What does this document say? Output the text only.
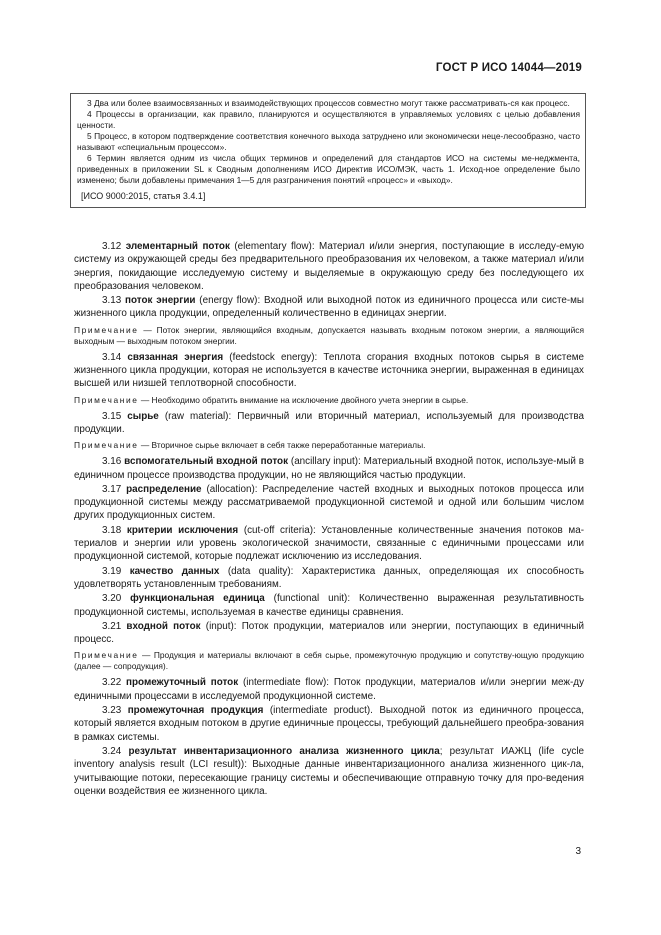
ГОСТ Р ИСО 14044—2019

3 Два или более взаимосвязанных и взаимодействующих процессов совместно могут также рассматривать-ся как процесс.

4 Процессы в организации, как правило, планируются и осуществляются в управляемых условиях с целью добавления ценности.

5 Процесс, в котором подтверждение соответствия конечного выхода затруднено или экономически неце-лесообразно, часто называют «специальным процессом».

6 Термин является одним из числа общих терминов и определений для стандартов ИСО на системы ме-неджмента, приведенных в приложении SL к Сводным дополнениям ИСО Директив ИСО/МЭК, часть 1. Исход-ное определение было изменено; были добавлены примечания 1—5 для разграничения понятий «процесс» и «выход».

[ИСО 9000:2015, статья 3.4.1]

3.12 элементарный поток (elementary flow): Материал и/или энергия, поступающие в исследу-емую систему из окружающей среды без предварительного преобразования их человеком, а также материал и/или энергия, покидающие исследуемую систему и выделяемые в окружающую среду без последующего их преобразования человеком.

3.13 поток энергии (energy flow): Входной или выходной поток из единичного процесса или систе-мы жизненного цикла продукции, определенный количественно в единицах энергии.

Примечание — Поток энергии, являющийся входным, допускается называть входным потоком энергии, а являющийся выходным — выходным потоком энергии.

3.14 связанная энергия (feedstock energy): Теплота сгорания входных потоков сырья в системе жизненного цикла продукции, которая не используется в качестве источника энергии, выраженная в единицах высшей или низшей теплотворной способности.

Примечание — Необходимо обратить внимание на исключение двойного учета энергии в сырье.

3.15 сырье (raw material): Первичный или вторичный материал, используемый для производства продукции.

Примечание — Вторичное сырье включает в себя также переработанные материалы.

3.16 вспомогательный входной поток (ancillary input): Материальный входной поток, используе-мый в единичном процессе производства продукции, но не являющийся частью продукции.

3.17 распределение (allocation): Распределение частей входных и выходных потоков процесса или продукционной системы между рассматриваемой продукционной системой и одной или большим числом других продукционных систем.

3.18 критерии исключения (cut-off criteria): Установленные количественные значения потоков ма-териалов и энергии или уровень экологической значимости, связанные с единичными процессами или продукционной системой, которые подлежат исключению из исследования.

3.19 качество данных (data quality): Характеристика данных, определяющая их способность удовлетворять установленным требованиям.

3.20 функциональная единица (functional unit): Количественно выраженная результативность продукционной системы, используемая в качестве единицы сравнения.

3.21 входной поток (input): Поток продукции, материалов или энергии, поступающих в единичный процесс.

Примечание — Продукция и материалы включают в себя сырье, промежуточную продукцию и сопутству-ющую продукцию (далее — сопродукция).

3.22 промежуточный поток (intermediate flow): Поток продукции, материалов и/или энергии меж-ду единичными процессами в исследуемой продукционной системе.

3.23 промежуточная продукция (intermediate product). Выходной поток из единичного процесса, который является входным потоком в другие единичные процессы, требующий дальнейшего преобра-зования в рамках системы.

3.24 результат инвентаризационного анализа жизненного цикла; результат ИАЖЦ (life cycle inventory analysis result (LCI result)): Выходные данные инвентаризационного анализа жизненного цик-ла, учитывающие потоки, пересекающие границу системы и обеспечивающие отправную точку для про-ведения оценки воздействия ее жизненного цикла.

3
